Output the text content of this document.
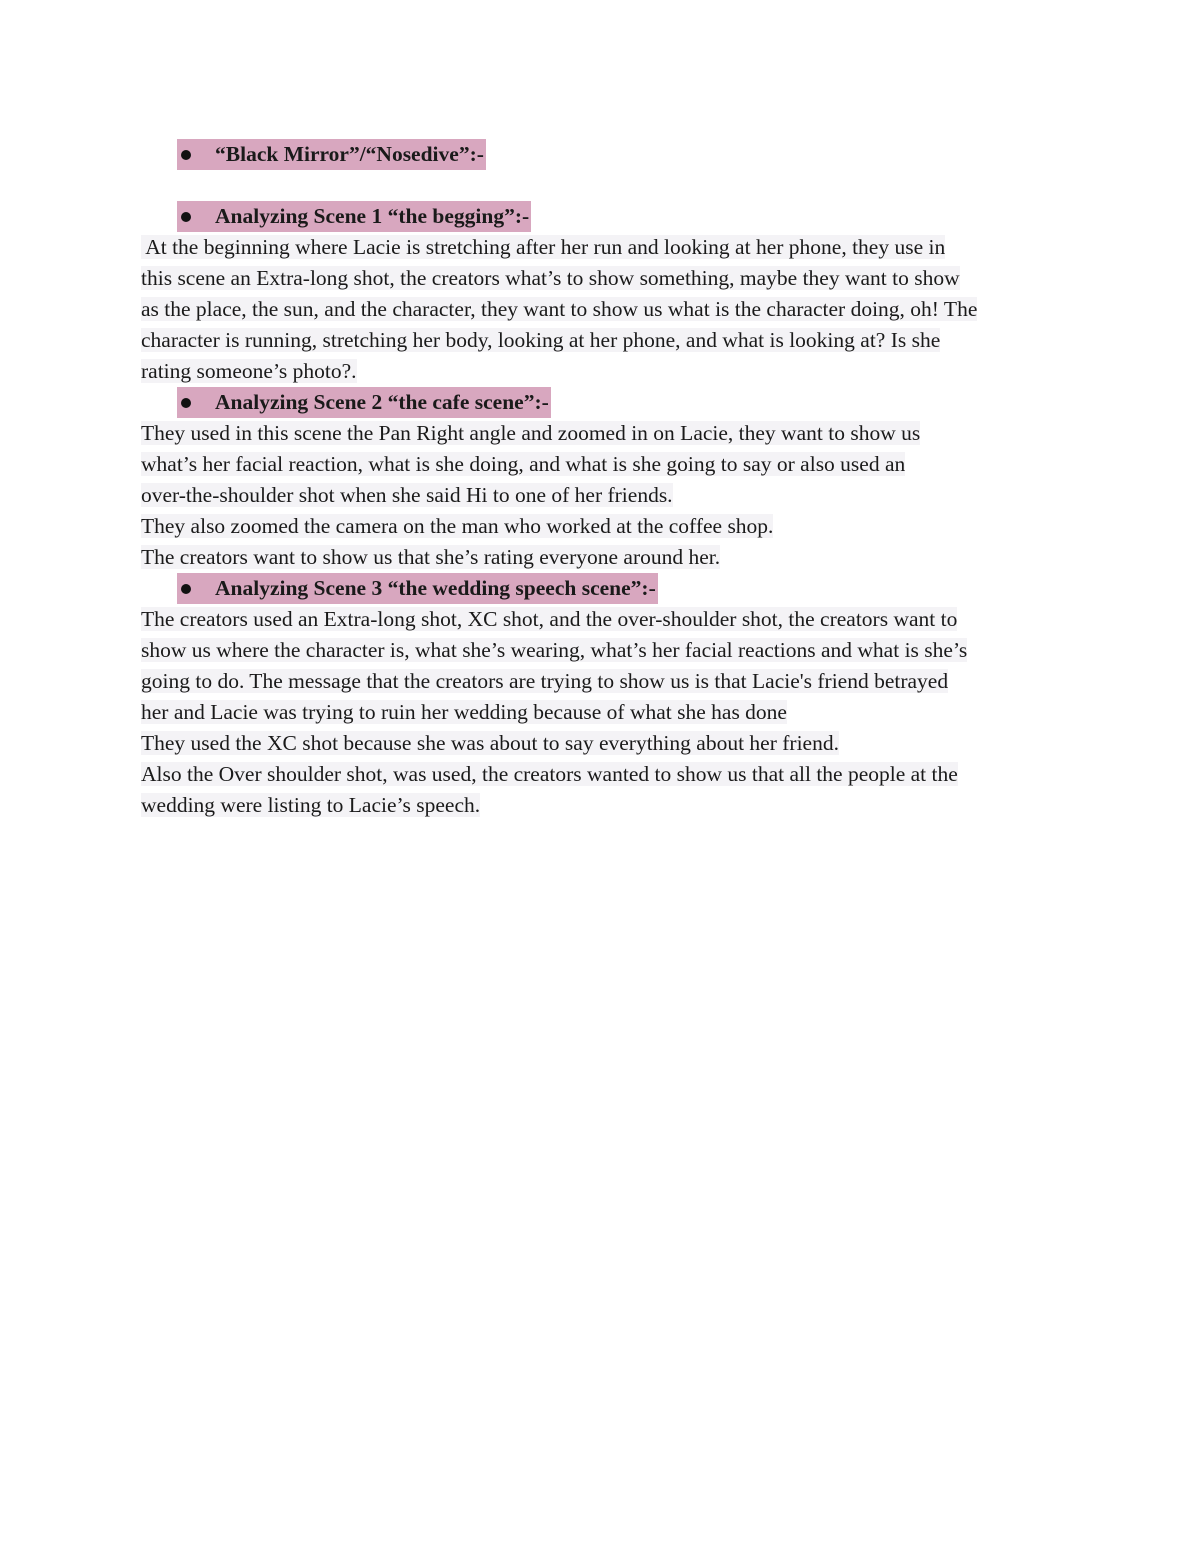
“Black Mirror”/“Nosedive”:-
Analyzing Scene 1 “the begging”:-
At the beginning where Lacie is stretching after her run and looking at her phone, they use in
this scene an Extra-long shot, the creators what’s to show something, maybe they want to show
as the place, the sun, and the character, they want to show us what is the character doing, oh! The
character is running, stretching her body, looking at her phone, and what is looking at? Is she
rating someone’s photo?.
Analyzing Scene 2 “the cafe scene”:-
They used in this scene the Pan Right angle and zoomed in on Lacie, they want to show us
what’s her facial reaction, what is she doing, and what is she going to say or also used an
over-the-shoulder shot when she said Hi to one of her friends.
They also zoomed the camera on the man who worked at the coffee shop.
The creators want to show us that she’s rating everyone around her.
Analyzing Scene 3 “the wedding speech scene”:-
The creators used an Extra-long shot, XC shot, and the over-shoulder shot, the creators want to
show us where the character is, what she’s wearing, what’s her facial reactions and what is she’s
going to do. The message that the creators are trying to show us is that Lacie's friend betrayed
her and Lacie was trying to ruin her wedding because of what she has done
They used the XC shot because she was about to say everything about her friend.
Also the Over shoulder shot, was used, the creators wanted to show us that all the people at the
wedding were listing to Lacie’s speech.
